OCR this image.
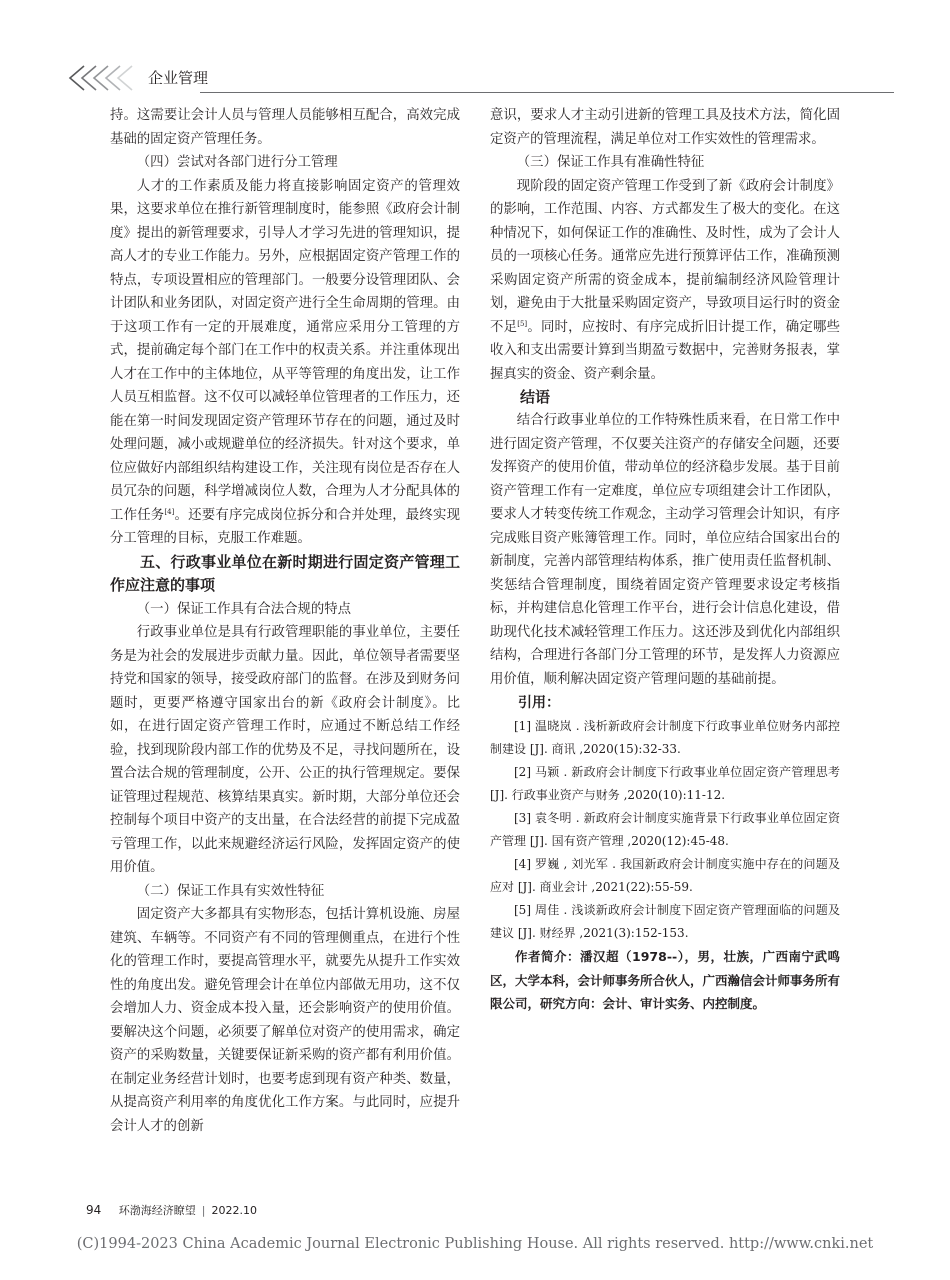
企业管理

持。这需要让会计人员与管理人员能够相互配合，高效完成基础的固定资产管理任务。

（四）尝试对各部门进行分工管理

人才的工作素质及能力将直接影响固定资产的管理效果，这要求单位在推行新管理制度时，能参照《政府会计制度》提出的新管理要求，引导人才学习先进的管理知识，提高人才的专业工作能力。另外，应根据固定资产管理工作的特点，专项设置相应的管理部门。一般要分设管理团队、会计团队和业务团队，对固定资产进行全生命周期的管理。由于这项工作有一定的开展难度，通常应采用分工管理的方式，提前确定每个部门在工作中的权责关系。并注重体现出人才在工作中的主体地位，从平等管理的角度出发，让工作人员互相监督。这不仅可以减轻单位管理者的工作压力，还能在第一时间发现固定资产管理环节存在的问题，通过及时处理问题，减小或规避单位的经济损失。针对这个要求，单位应做好内部组织结构建设工作，关注现有岗位是否存在人员冗杂的问题，科学增减岗位人数，合理为人才分配具体的工作任务[4]。还要有序完成岗位拆分和合并处理，最终实现分工管理的目标，克服工作难题。

五、行政事业单位在新时期进行固定资产管理工作应注意的事项

（一）保证工作具有合法合规的特点

行政事业单位是具有行政管理职能的事业单位，主要任务是为社会的发展进步贡献力量。因此，单位领导者需要坚持党和国家的领导，接受政府部门的监督。在涉及到财务问题时，更要严格遵守国家出台的新《政府会计制度》。比如，在进行固定资产管理工作时，应通过不断总结工作经验，找到现阶段内部工作的优势及不足，寻找问题所在，设置合法合规的管理制度，公开、公正的执行管理规定。要保证管理过程规范、核算结果真实。新时期，大部分单位还会控制每个项目中资产的支出量，在合法经营的前提下完成盈亏管理工作，以此来规避经济运行风险，发挥固定资产的使用价值。

（二）保证工作具有实效性特征

固定资产大多都具有实物形态，包括计算机设施、房屋建筑、车辆等。不同资产有不同的管理侧重点，在进行个性化的管理工作时，要提高管理水平，就要先从提升工作实效性的角度出发。避免管理会计在单位内部做无用功，这不仅会增加人力、资金成本投入量，还会影响资产的使用价值。要解决这个问题，必须要了解单位对资产的使用需求，确定资产的采购数量，关键要保证新采购的资产都有利用价值。在制定业务经营计划时，也要考虑到现有资产种类、数量，从提高资产利用率的角度优化工作方案。与此同时，应提升会计人才的创新

意识，要求人才主动引进新的管理工具及技术方法，简化固定资产的管理流程，满足单位对工作实效性的管理需求。

（三）保证工作具有准确性特征

现阶段的固定资产管理工作受到了新《政府会计制度》的影响，工作范围、内容、方式都发生了极大的变化。在这种情况下，如何保证工作的准确性、及时性，成为了会计人员的一项核心任务。通常应先进行预算评估工作，准确预测采购固定资产所需的资金成本，提前编制经济风险管理计划，避免由于大批量采购固定资产，导致项目运行时的资金不足[5]。同时，应按时、有序完成折旧计提工作，确定哪些收入和支出需要计算到当期盈亏数据中，完善财务报表，掌握真实的资金、资产剩余量。

结语

结合行政事业单位的工作特殊性质来看，在日常工作中进行固定资产管理，不仅要关注资产的存储安全问题，还要发挥资产的使用价值，带动单位的经济稳步发展。基于目前资产管理工作有一定难度，单位应专项组建会计工作团队，要求人才转变传统工作观念，主动学习管理会计知识，有序完成账目资产账簿管理工作。同时，单位应结合国家出台的新制度，完善内部管理结构体系，推广使用责任监督机制、奖惩结合管理制度，围绕着固定资产管理要求设定考核指标，并构建信息化管理工作平台，进行会计信息化建设，借助现代化技术减轻管理工作压力。这还涉及到优化内部组织结构，合理进行各部门分工管理的环节，是发挥人力资源应用价值，顺利解决固定资产管理问题的基础前提。

引用：

[1] 温晓岚 . 浅析新政府会计制度下行政事业单位财务内部控制建设 [J]. 商讯 ,2020(15):32-33.

[2] 马颖 . 新政府会计制度下行政事业单位固定资产管理思考 [J]. 行政事业资产与财务 ,2020(10):11-12.

[3] 袁冬明 . 新政府会计制度实施背景下行政事业单位固定资产管理 [J]. 国有资产管理 ,2020(12):45-48.

[4] 罗巍 , 刘光军 . 我国新政府会计制度实施中存在的问题及应对 [J]. 商业会计 ,2021(22):55-59.

[5] 周佳 . 浅谈新政府会计制度下固定资产管理面临的问题及建议 [J]. 财经界 ,2021(3):152-153.

作者简介：潘汉超（1978--），男，壮族，广西南宁武鸣区，大学本科，会计师事务所合伙人，广西瀚信会计师事务所有限公司，研究方向：会计、审计实务、内控制度。

94 环渤海经济瞭望 | 2022.10
(C)1994-2023 China Academic Journal Electronic Publishing House. All rights reserved. http://www.cnki.net
